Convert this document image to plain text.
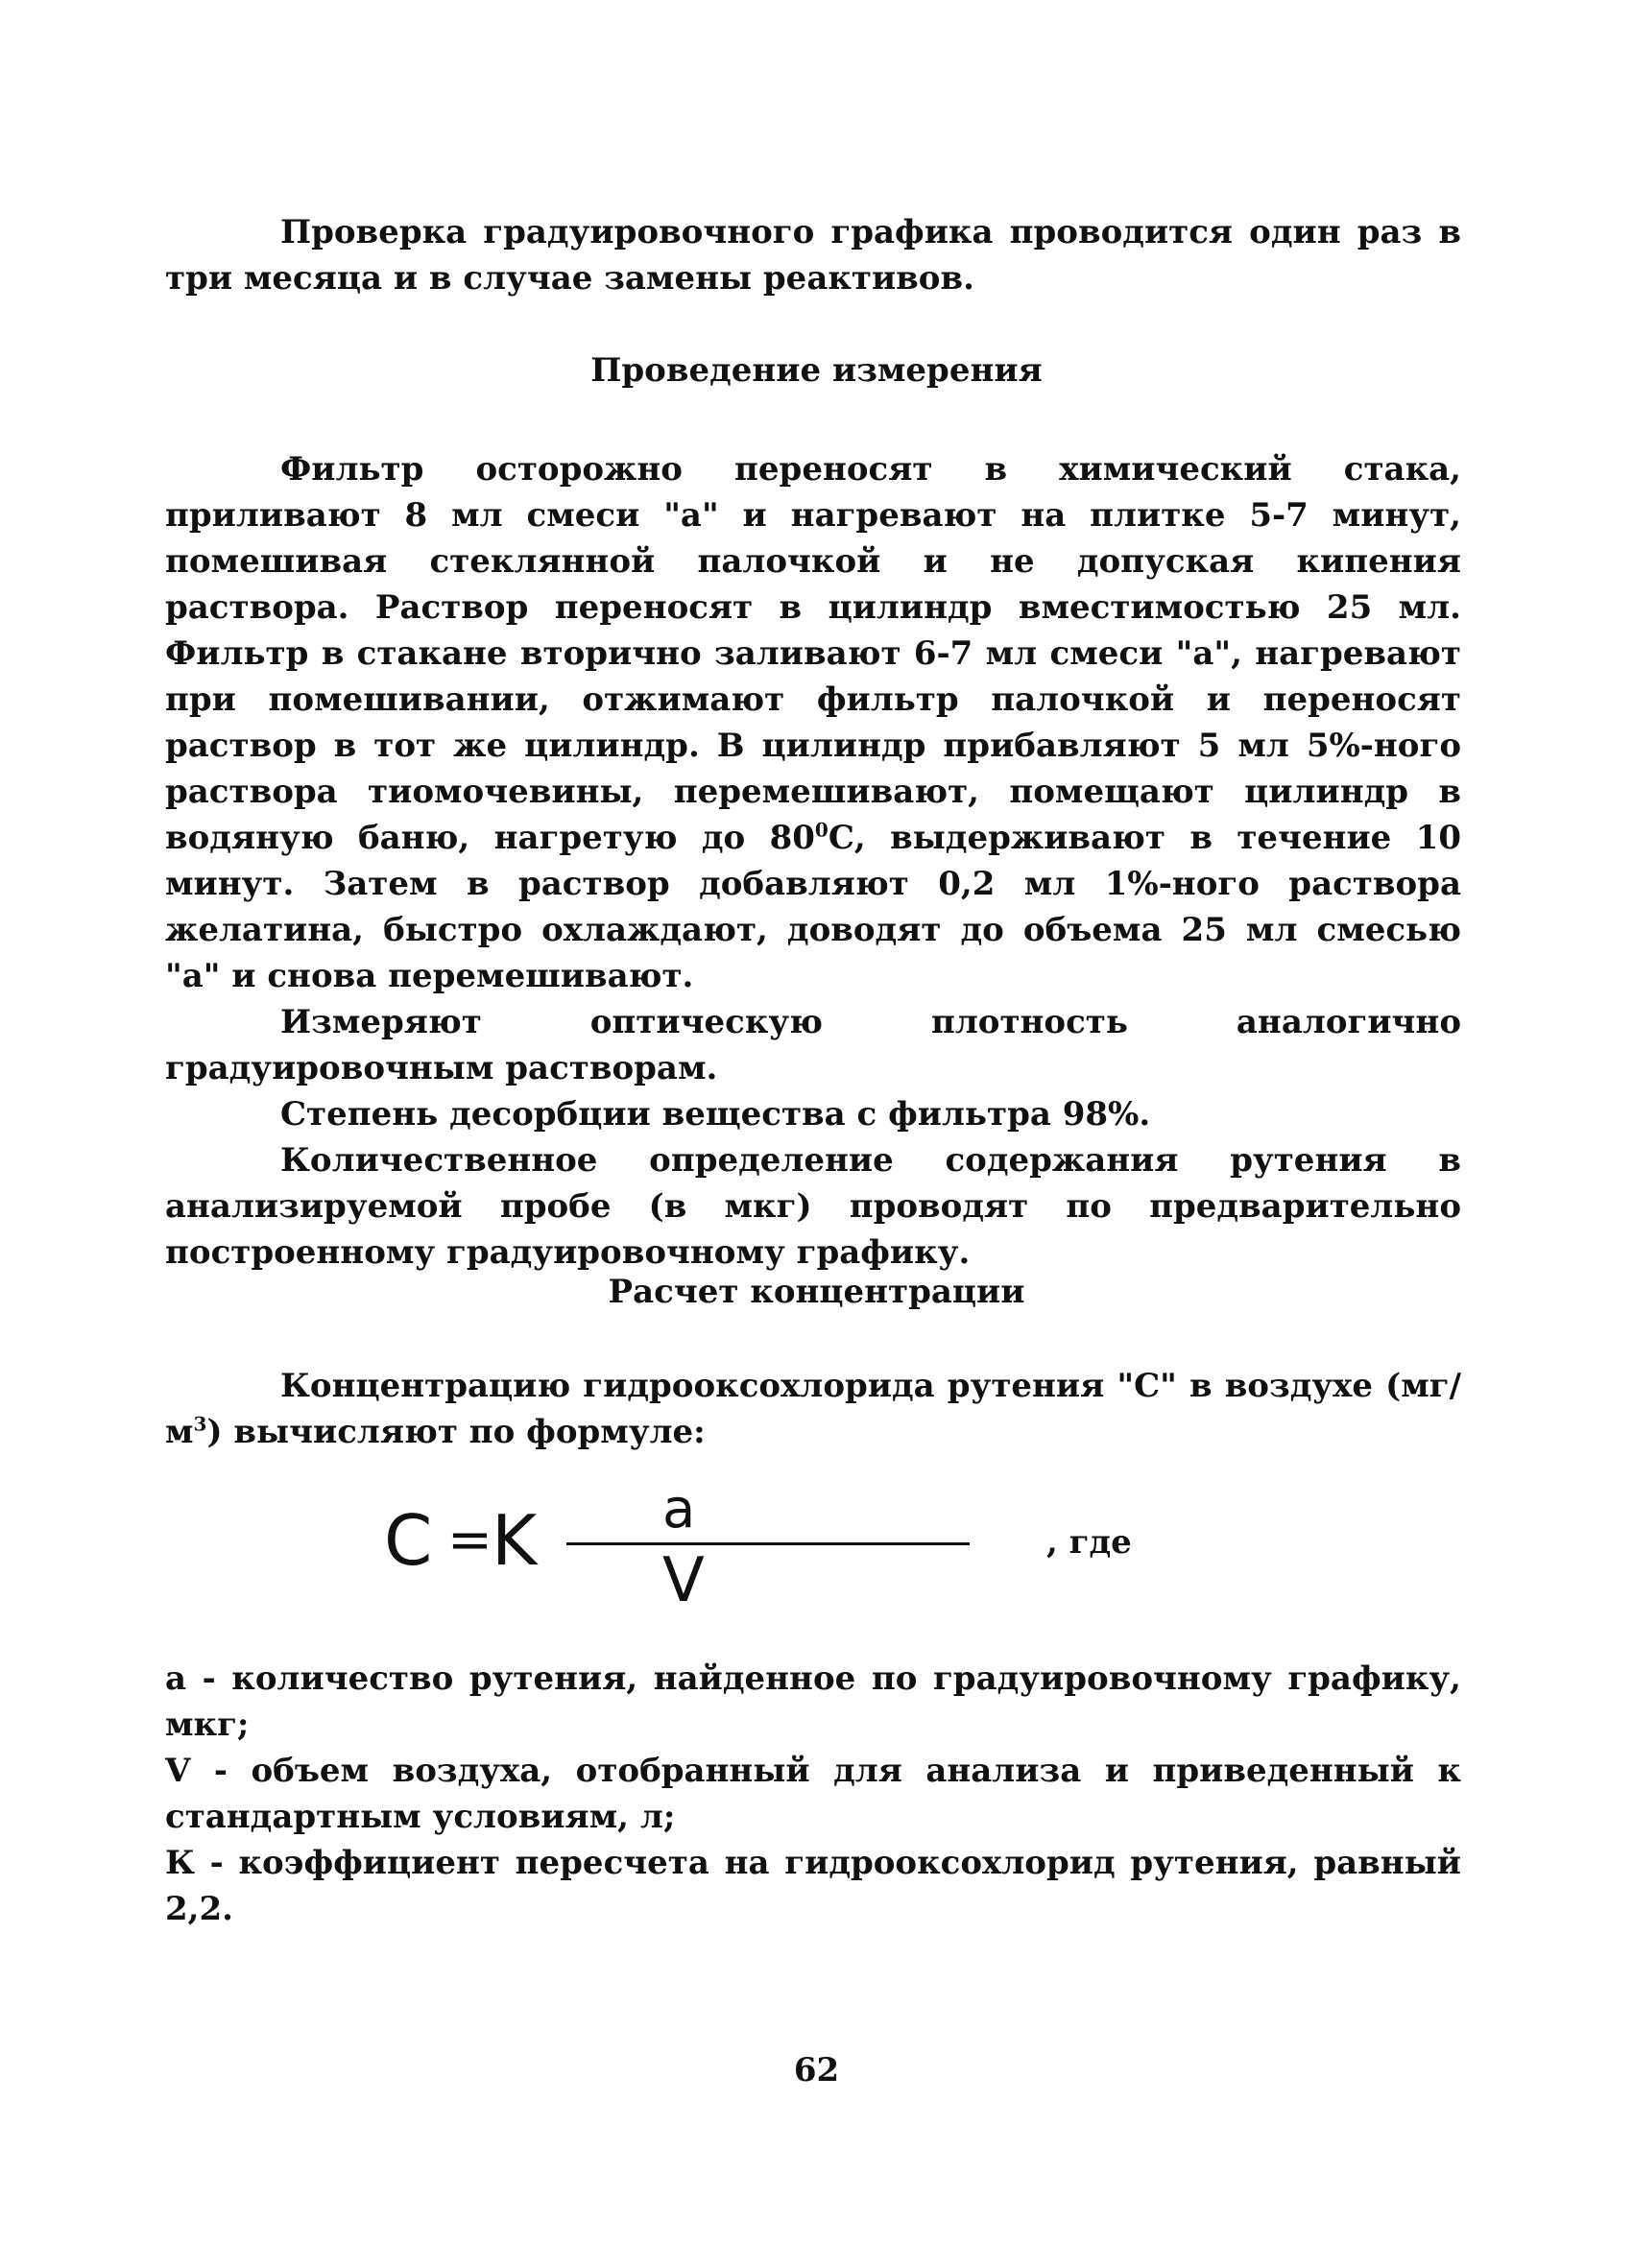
Проверка градуировочного графика проводится один раз в три месяца и в случае замены реактивов.

Проведение измерения

Фильтр осторожно переносят в химический стака, приливают 8 мл смеси "а" и нагревают на плитке 5-7 минут, помешивая стеклянной палочкой и не допуская кипения раствора. Раствор переносят в цилиндр вместимостью 25 мл. Фильтр в стакане вторично заливают 6-7 мл смеси "а", нагревают при помешивании, отжимают фильтр палочкой и переносят раствор в тот же цилиндр. В цилиндр прибавляют 5 мл 5%-ного раствора тиомочевины, перемешивают, помещают цилиндр в водяную баню, нагретую до $80^0С$, выдерживают в течение 10 минут. Затем в раствор добавляют 0,2 мл 1%-ного раствора желатина, быстро охлаждают, доводят до объема 25 мл смесью "а" и снова перемешивают.

Измеряют оптическую плотность аналогично градуировочным растворам.

Степень десорбции вещества с фильтра 98%.

Количественное определение содержания рутения в анализируемой пробе (в мкг) проводят по предварительно построенному градуировочному графику.

Расчет концентрации

Концентрацию гидрооксохлорида рутения "С" в воздухе $(мг/м^3)$ вычисляют по формуле:

C = K a
V
, где

а - количество рутения, найденное по градуировочному графику, мкг;

V - объем воздуха, отобранный для анализа и приведенный к стандартным условиям, л;

К - коэффициент пересчета на гидрооксохлорид рутения, равный 2,2.

62
